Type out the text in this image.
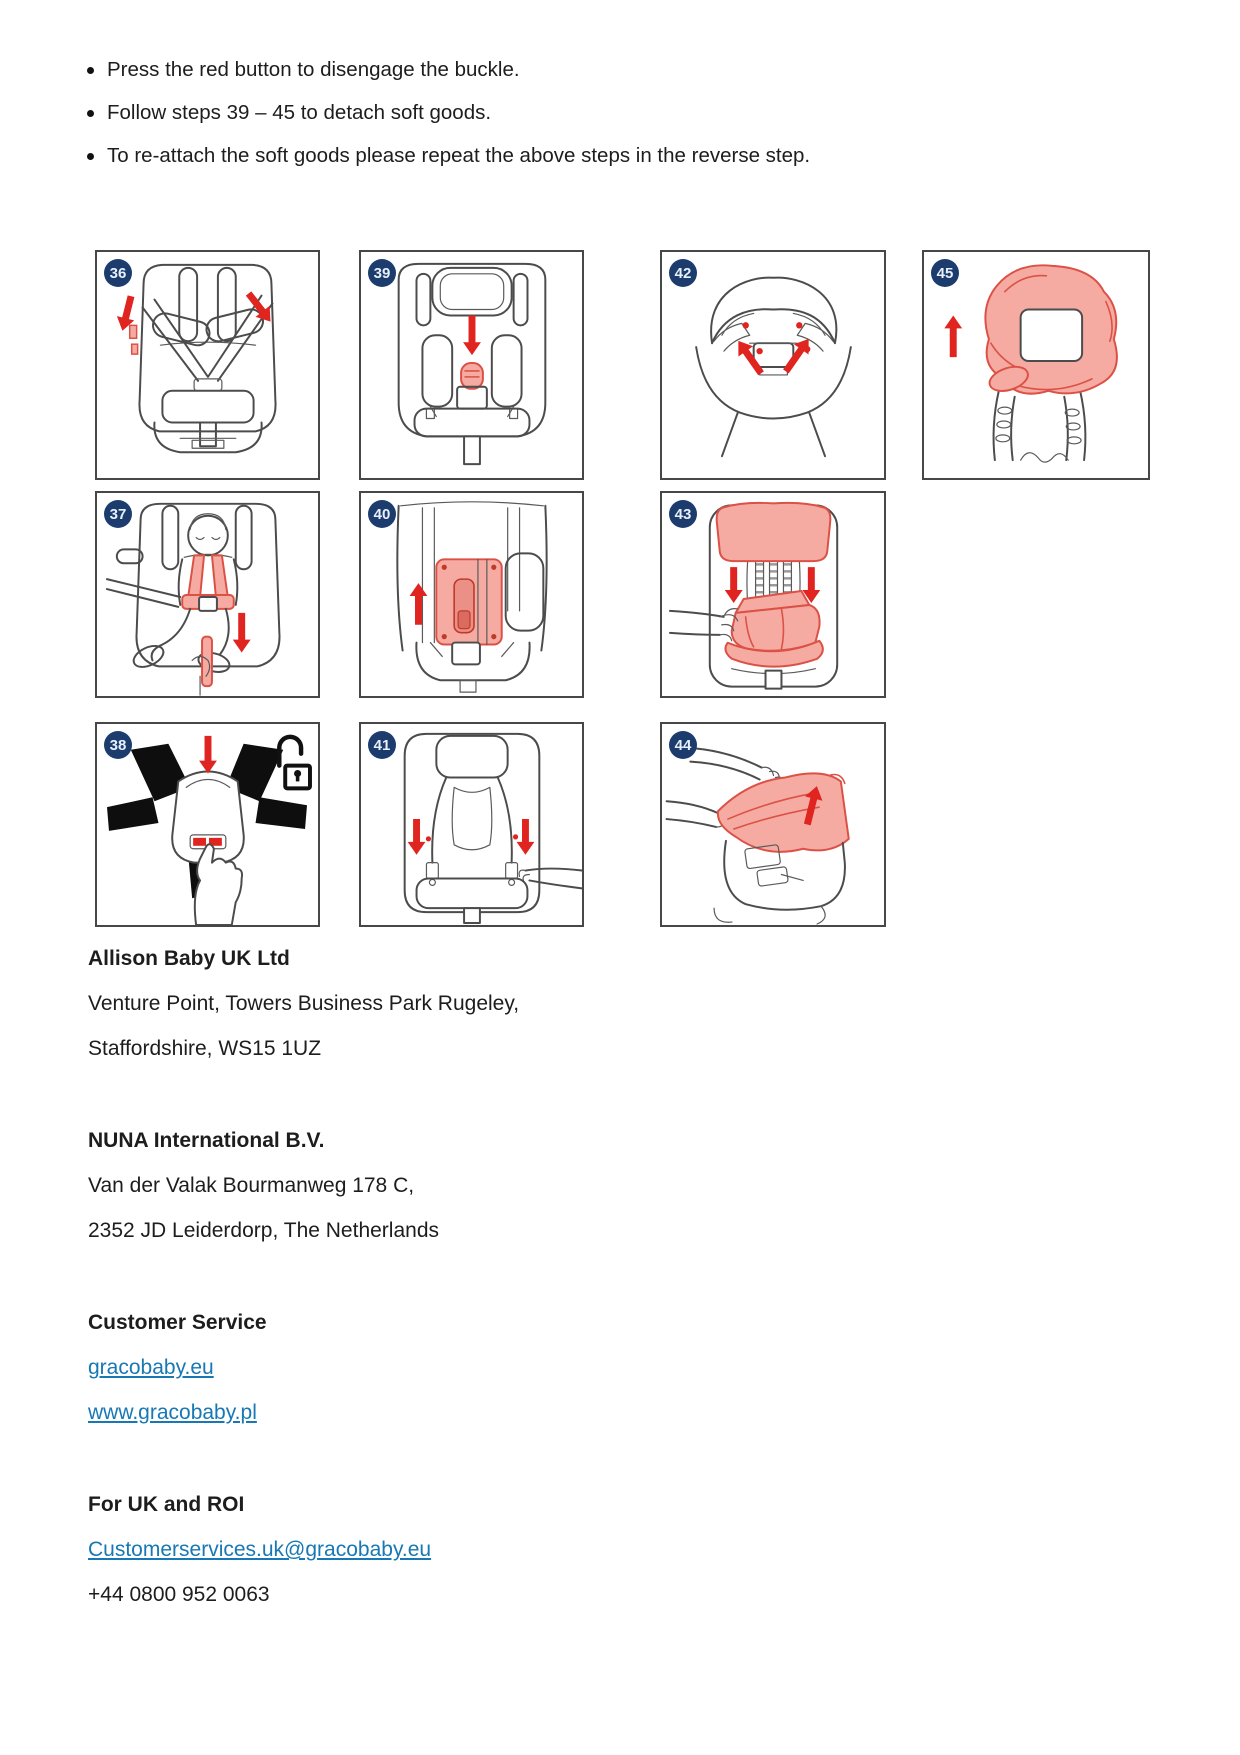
Press the red button to disengage the buckle.
Follow steps 39 – 45 to detach soft goods.
To re-attach the soft goods please repeat the above steps in the reverse step.
36	39	42	45
37	40	43
38	41	44

Allison Baby UK Ltd

Venture Point, Towers Business Park Rugeley,

Staffordshire, WS15 1UZ

NUNA International B.V.

Van der Valak Bourmanweg 178 C,

2352 JD Leiderdorp, The Netherlands

Customer Service

gracobaby.eu

www.gracobaby.pl

For UK and ROI

Customerservices.uk@gracobaby.eu

+44 0800 952 0063
